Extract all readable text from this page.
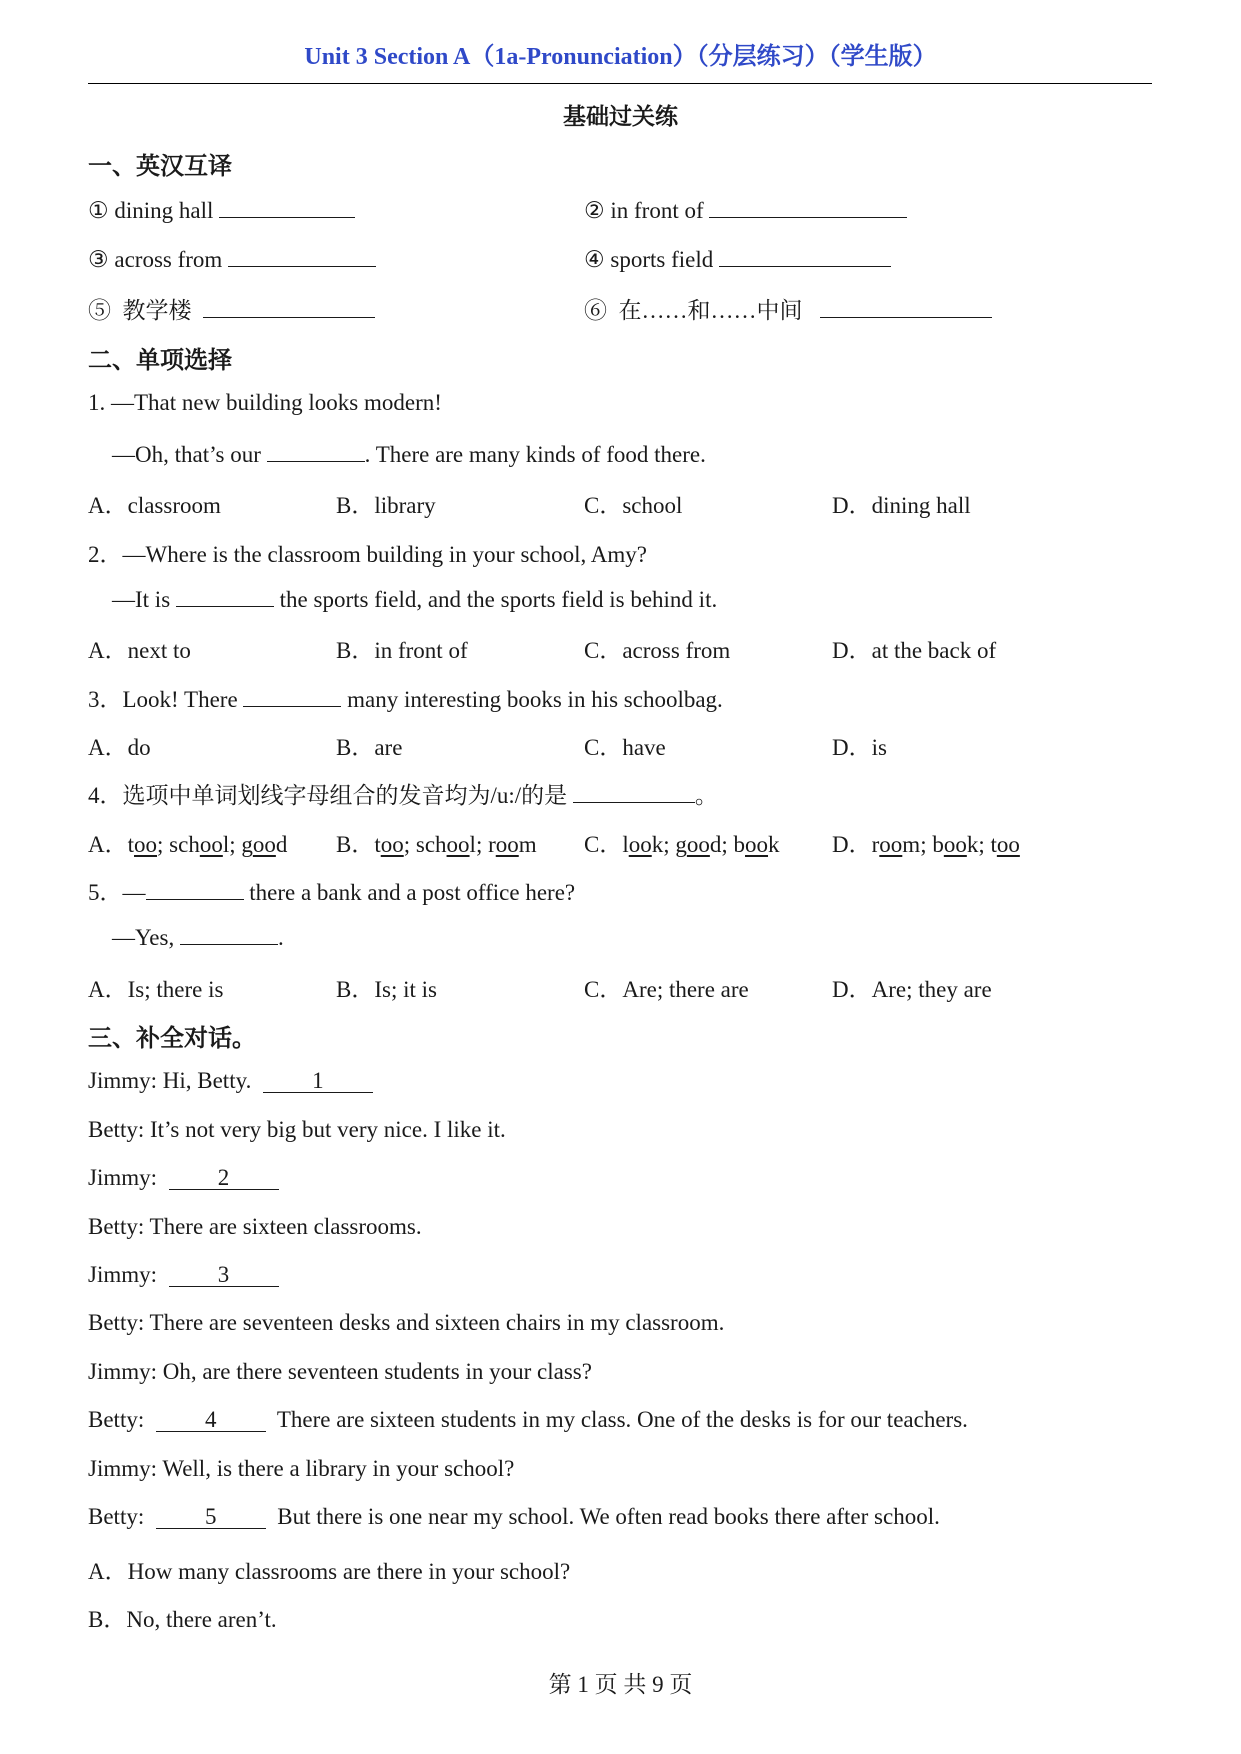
Unit 3 Section A（1a-Pronunciation）（分层练习）（学生版）
基础过关练
一、英汉互译
① dining hall	② in front of
③ across from	④ sports field
⑤ 教学楼	⑥ 在……和……中间
二、单项选择
1. —That new building looks modern!
—Oh, that’s our	. There are many kinds of food there.
A．classroom	B．library	C．school	D．dining hall
2．—Where is the classroom building in your school, Amy?
—It is	the sports field, and the sports field is behind it.
A．next to	B．in front of	C．across from	D．at the back of
3．Look! There	many interesting books in his schoolbag.
A．do	B．are	C．have	D．is
4．选项中单词划线字母组合的发音均为/u:/的是	。
A．too; school; good B．too; school; room C．look; good; book D．room; book; too
5．—	there a bank and a post office here?
—Yes,	.
A．Is; there is	B．Is; it is	C．Are; there are	D．Are; they are
三、补全对话。
Jimmy: Hi, Betty.	1
Betty: It’s not very big but very nice. I like it.
Jimmy:	2
Betty: There are sixteen classrooms.
Jimmy:	3
Betty: There are seventeen desks and sixteen chairs in my classroom.
Jimmy: Oh, are there seventeen students in your class?
Betty:	4	There are sixteen students in my class. One of the desks is for our teachers.
Jimmy: Well, is there a library in your school?
Betty:	5	But there is one near my school. We often read books there after school.
A．How many classrooms are there in your school?
B．No, there aren’t.
第 1 页 共 9 页
